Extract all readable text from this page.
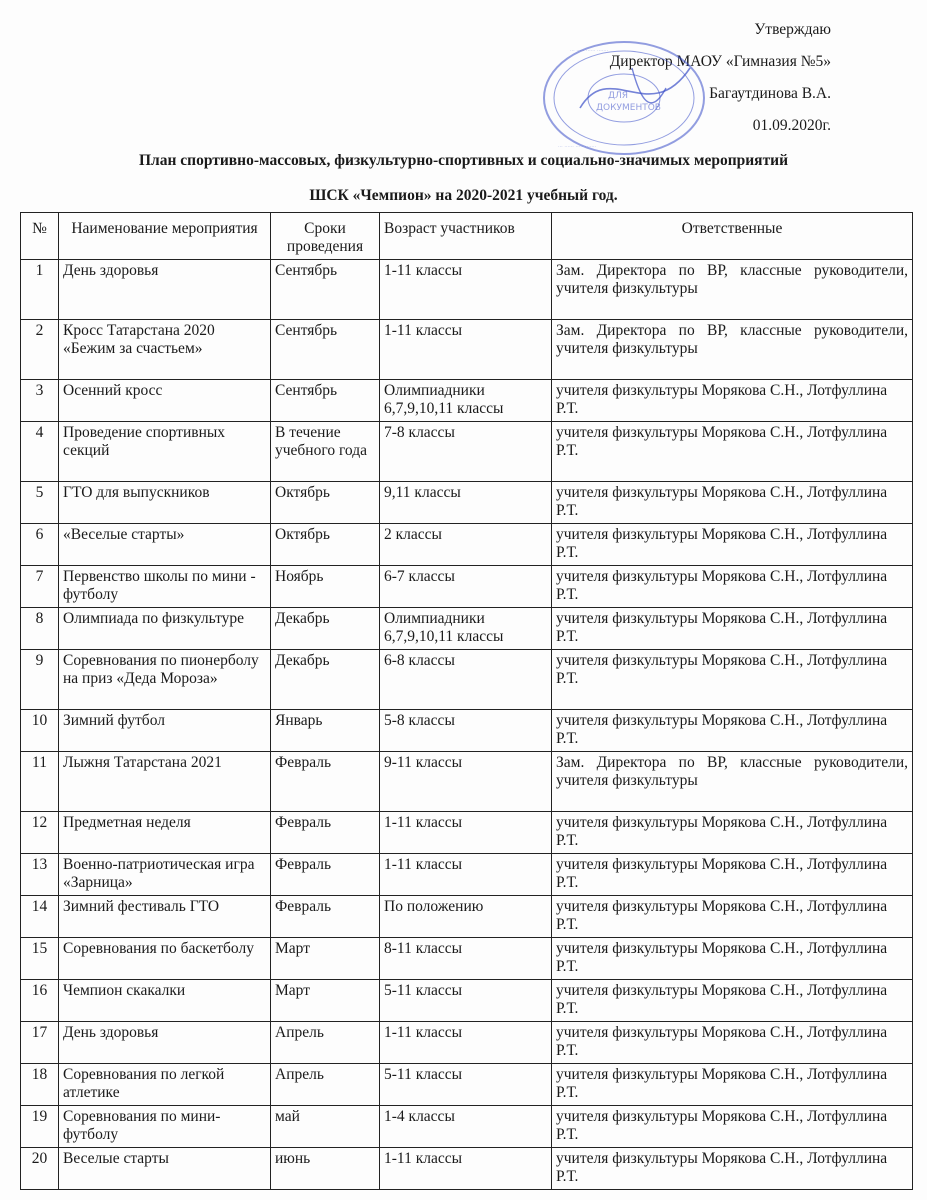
Утверждаю
Директор МАОУ «Гимназия №5»
Багаутдинова В.А.
01.09.2020г.
··· ····· ······ ·······
··· ······ ····· ·······
ДЛЯ
ДОКУМЕНТОВ
План спортивно-массовых, физкультурно-спортивных и социально-значимых мероприятий
ШСК «Чемпион» на 2020-2021 учебный год.
№	Наименование мероприятия	Сроки проведения	Возраст участников	Ответственные
1	День здоровья	Сентябрь	1-11 классы	Зам. Директора по ВР, классные руководители, учителя физкультуры
2	Кросс Татарстана 2020 «Бежим за счастьем»	Сентябрь	1-11 классы	Зам. Директора по ВР, классные руководители, учителя физкультуры
3	Осенний кросс	Сентябрь	Олимпиадники 6,7,9,10,11 классы	учителя физкультуры Морякова С.Н., Лотфуллина Р.Т.
4	Проведение спортивных секций	В течение учебного года	7-8 классы	учителя физкультуры Морякова С.Н., Лотфуллина Р.Т.
5	ГТО для выпускников	Октябрь	9,11 классы	учителя физкультуры Морякова С.Н., Лотфуллина Р.Т.
6	«Веселые старты»	Октябрь	2 классы	учителя физкультуры Морякова С.Н., Лотфуллина Р.Т.
7	Первенство школы по мини - футболу	Ноябрь	6-7 классы	учителя физкультуры Морякова С.Н., Лотфуллина Р.Т.
8	Олимпиада по физкультуре	Декабрь	Олимпиадники 6,7,9,10,11 классы	учителя физкультуры Морякова С.Н., Лотфуллина Р.Т.
9	Соревнования по пионерболу на приз «Деда Мороза»	Декабрь	6-8 классы	учителя физкультуры Морякова С.Н., Лотфуллина Р.Т.
10	Зимний футбол	Январь	5-8 классы	учителя физкультуры Морякова С.Н., Лотфуллина Р.Т.
11	Лыжня Татарстана 2021	Февраль	9-11 классы	Зам. Директора по ВР, классные руководители, учителя физкультуры
12	Предметная неделя	Февраль	1-11 классы	учителя физкультуры Морякова С.Н., Лотфуллина Р.Т.
13	Военно-патриотическая игра «Зарница»	Февраль	1-11 классы	учителя физкультуры Морякова С.Н., Лотфуллина Р.Т.
14	Зимний фестиваль ГТО	Февраль	По положению	учителя физкультуры Морякова С.Н., Лотфуллина Р.Т.
15	Соревнования по баскетболу	Март	8-11 классы	учителя физкультуры Морякова С.Н., Лотфуллина Р.Т.
16	Чемпион скакалки	Март	5-11 классы	учителя физкультуры Морякова С.Н., Лотфуллина Р.Т.
17	День здоровья	Апрель	1-11 классы	учителя физкультуры Морякова С.Н., Лотфуллина Р.Т.
18	Соревнования по легкой атлетике	Апрель	5-11 классы	учителя физкультуры Морякова С.Н., Лотфуллина Р.Т.
19	Соревнования по мини-футболу	май	1-4 классы	учителя физкультуры Морякова С.Н., Лотфуллина Р.Т.
20	Веселые старты	июнь	1-11 классы	учителя физкультуры Морякова С.Н., Лотфуллина Р.Т.
